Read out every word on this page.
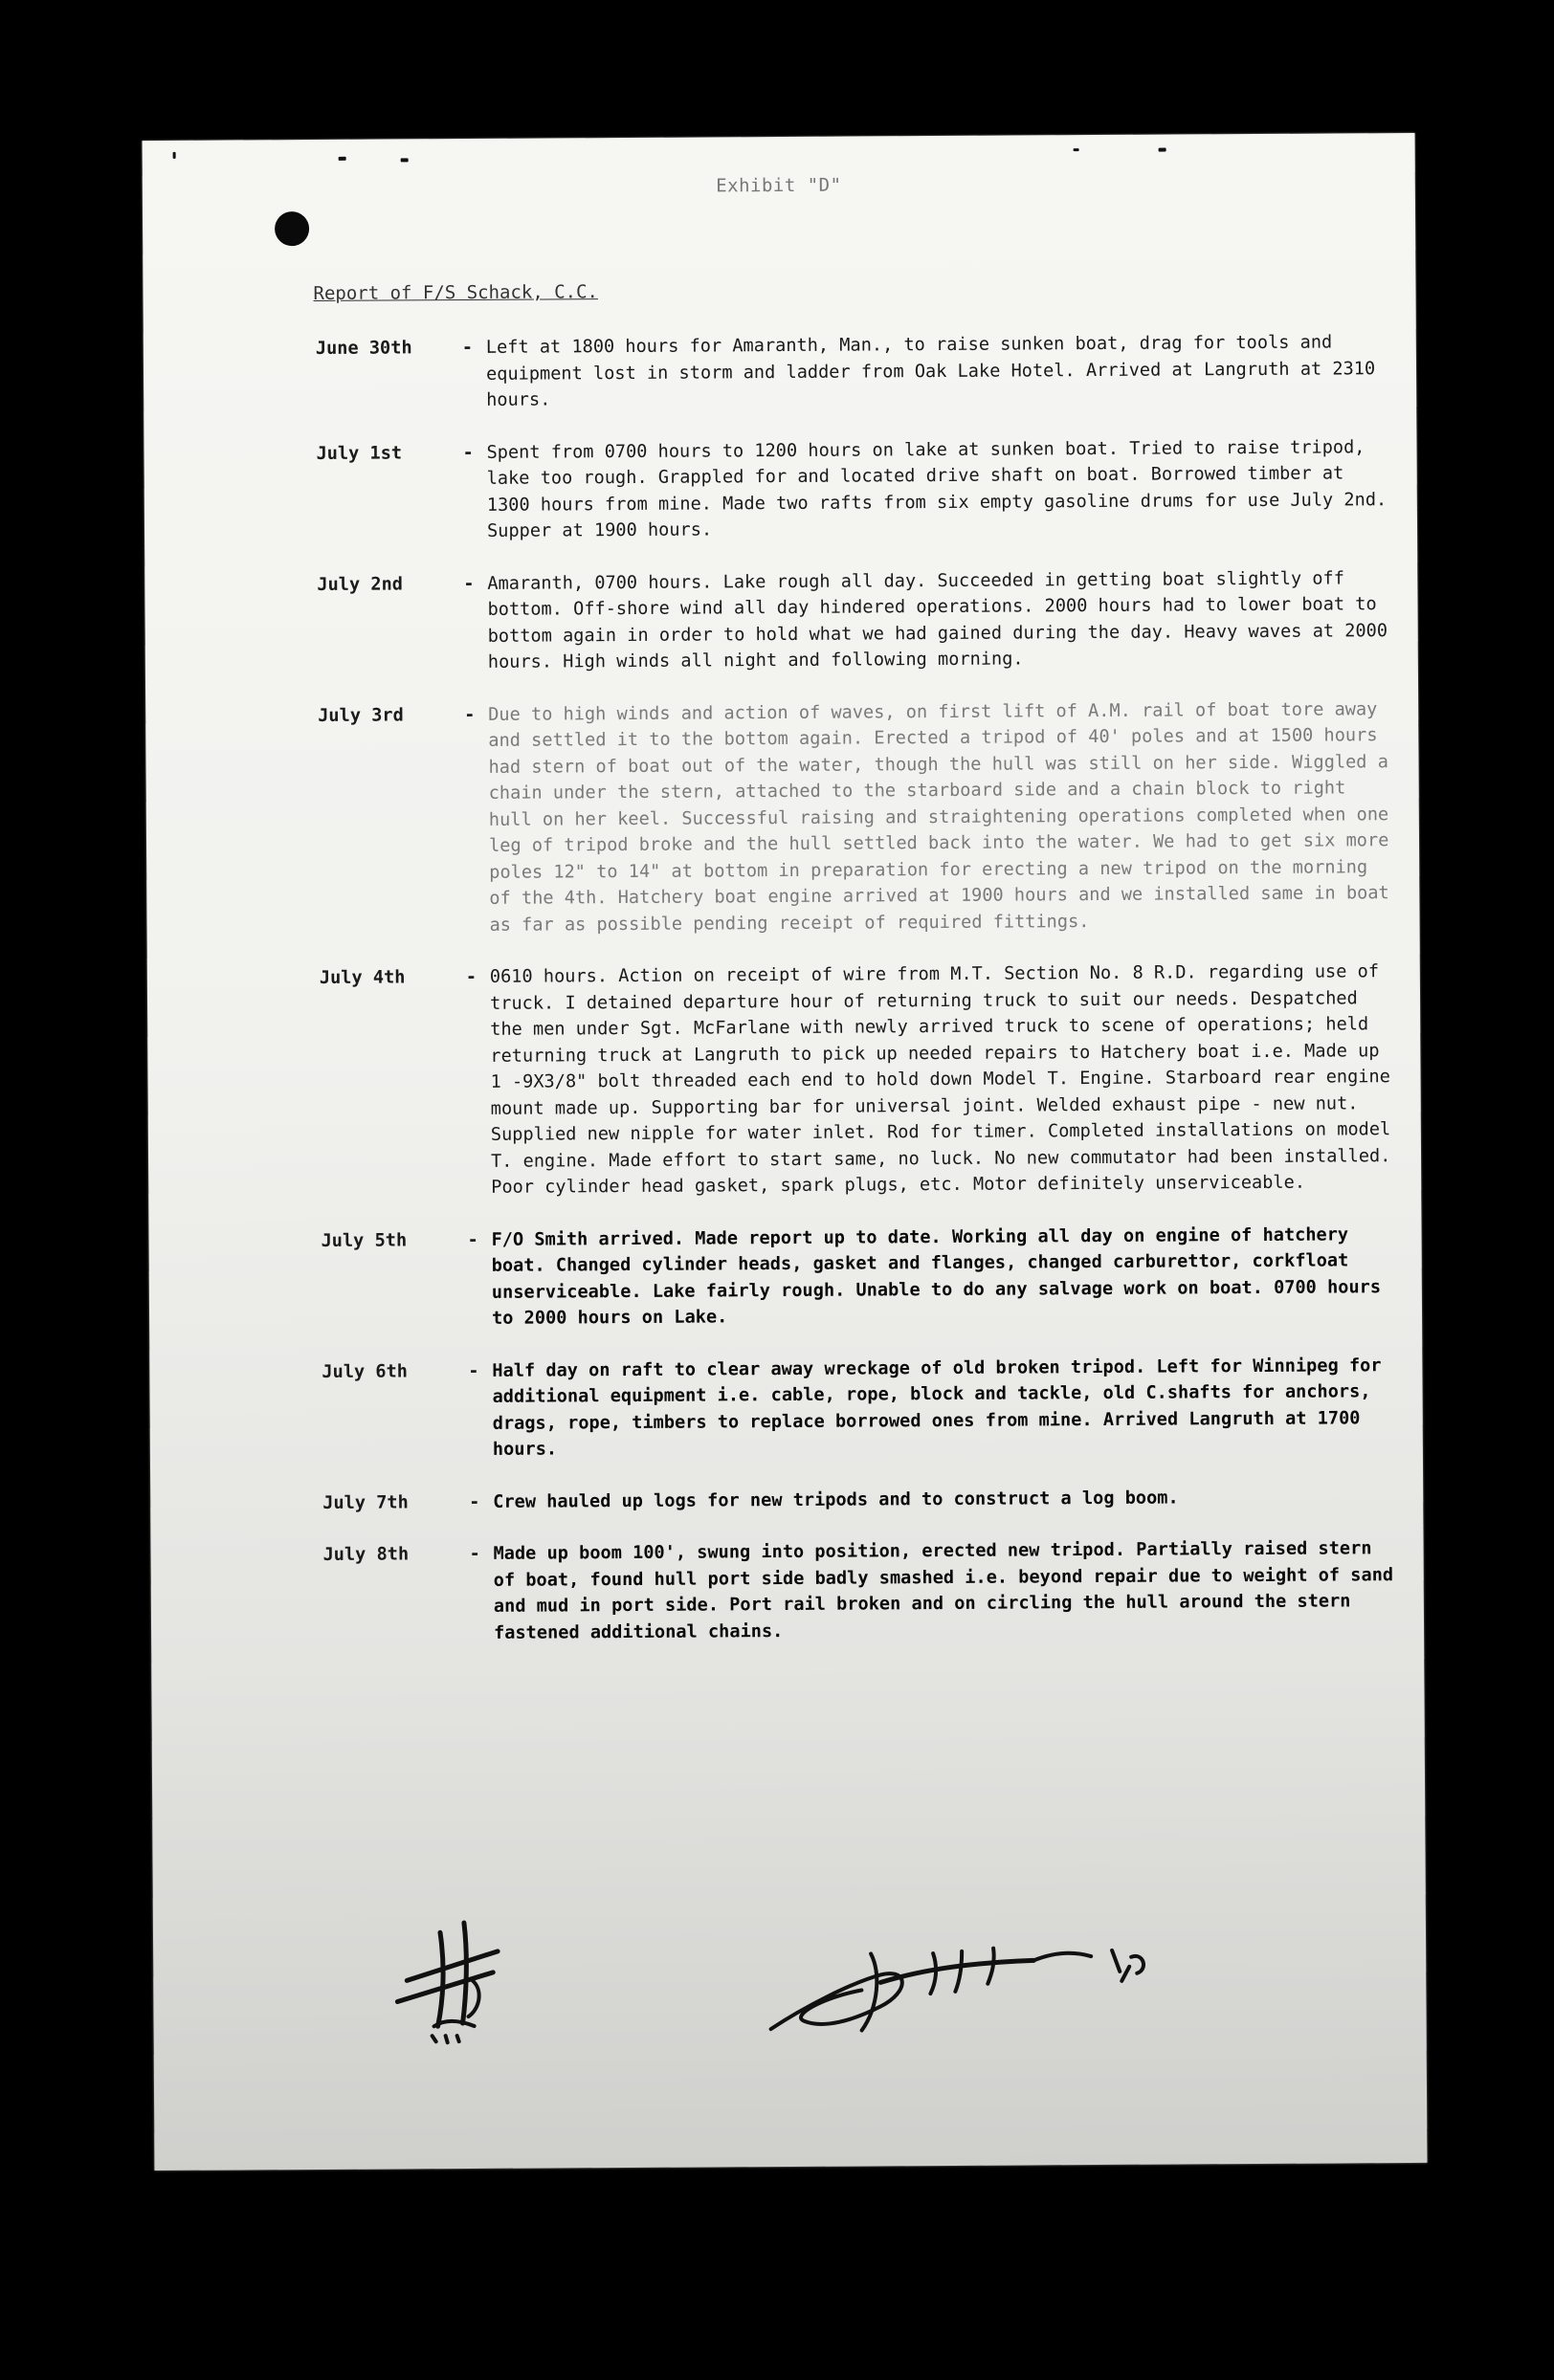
Exhibit "D"
Report of F/S Schack, C.C.
June 30th	- Left at 1800 hours for Amaranth, Man., to raise sunken boat, drag for tools and equipment lost in storm and ladder from Oak Lake Hotel. Arrived at Langruth at 2310 hours.
July 1st	- Spent from 0700 hours to 1200 hours on lake at sunken boat. Tried to raise tripod, lake too rough. Grappled for and located drive shaft on boat. Borrowed timber at 1300 hours from mine. Made two rafts from six empty gasoline drums for use July 2nd. Supper at 1900 hours.
July 2nd	- Amaranth, 0700 hours. Lake rough all day. Succeeded in getting boat slightly off bottom. Off-shore wind all day hindered operations. 2000 hours had to lower boat to bottom again in order to hold what we had gained during the day. Heavy waves at 2000 hours. High winds all night and following morning.
July 3rd	- Due to high winds and action of waves, on first lift of A.M. rail of boat tore away and settled it to the bottom again. Erected a tripod of 40' poles and at 1500 hours had stern of boat out of the water, though the hull was still on her side. Wiggled a chain under the stern, attached to the starboard side and a chain block to right hull on her keel. Successful raising and straightening operations completed when one leg of tripod broke and the hull settled back into the water. We had to get six more poles 12" to 14" at bottom in preparation for erecting a new tripod on the morning of the 4th. Hatchery boat engine arrived at 1900 hours and we installed same in boat as far as possible pending receipt of required fittings.
July 4th	- 0610 hours. Action on receipt of wire from M.T. Section No. 8 R.D. regarding use of truck. I detained departure hour of returning truck to suit our needs. Despatched the men under Sgt. McFarlane with newly arrived truck to scene of operations; held returning truck at Langruth to pick up needed repairs to Hatchery boat i.e. Made up 1 -9X3/8" bolt threaded each end to hold down Model T. Engine. Starboard rear engine mount made up. Supporting bar for universal joint. Welded exhaust pipe - new nut. Supplied new nipple for water inlet. Rod for timer. Completed installations on model T. engine. Made effort to start same, no luck. No new commutator had been installed. Poor cylinder head gasket, spark plugs, etc. Motor definitely unserviceable.
July 5th	- F/O Smith arrived. Made report up to date. Working all day on engine of hatchery boat. Changed cylinder heads, gasket and flanges, changed carburettor, corkfloat unserviceable. Lake fairly rough. Unable to do any salvage work on boat. 0700 hours to 2000 hours on Lake.
July 6th	- Half day on raft to clear away wreckage of old broken tripod. Left for Winnipeg for additional equipment i.e. cable, rope, block and tackle, old C.shafts for anchors, drags, rope, timbers to replace borrowed ones from mine. Arrived Langruth at 1700 hours.
July 7th	- Crew hauled up logs for new tripods and to construct a log boom.
July 8th	- Made up boom 100', swung into position, erected new tripod. Partially raised stern of boat, found hull port side badly smashed i.e. beyond repair due to weight of sand and mud in port side. Port rail broken and on circling the hull around the stern fastened additional chains.
